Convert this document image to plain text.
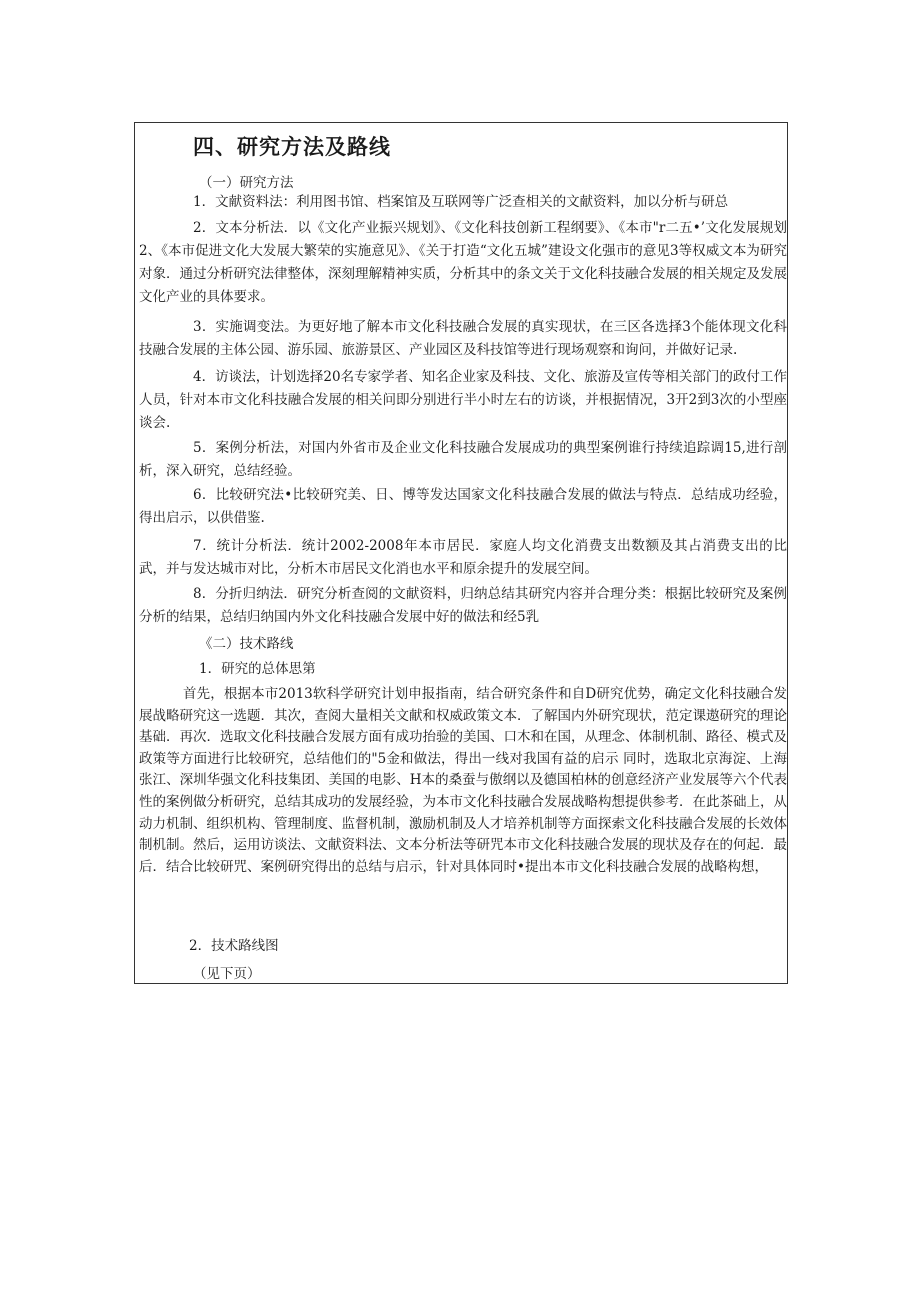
四、研究方法及路线
（一）研究方法
1．文献资料法：利用图书馆、档案馆及互联网等广泛查相关的文献资料，加以分析与研总
2．文本分析法．以《文化产业振兴规划》、《文化科技创新工程纲要》、《本市"r二五•’文化发展规划2、《本市促进文化大发展大繁荣的实施意见》、《关于打造“文化五城”建设文化强市的意见3等权威文本为研究对象．通过分析研究法律整体，深刻理解精神实质，分析其中的条文关于文化科技融合发展的相关规定及发展文化产业的具体要求。
3．实施调变法。为更好地了解本市文化科技融合发展的真实现状，在三区各选择3个能体现文化科技融合发展的主体公园、游乐园、旅游景区、产业园区及科技馆等进行现场观察和询问，并做好记录.
4．访谈法，计划选择20名专家学者、知名企业家及科技、文化、旅游及宣传等相关部门的政付工作人员，针对本市文化科技融合发展的相关问即分别进行半小时左右的访谈，并根据情况，3开2到3次的小型座谈会.
5．案例分析法，对国内外省市及企业文化科技融合发展成功的典型案例谁行持续追踪调15,进行剖析，深入研究，总结经验。
6．比较研究法•比较研究美、日、博等发达国家文化科技融合发展的做法与特点．总结成功经验，得出启示，以供借鉴.
7．统计分析法．统计2002-2008年本市居民．家庭人均文化消费支出数额及其占消费支出的比武，并与发达城市对比，分析木市居民文化消也水平和原余提升的发展空间。
8．分折归纳法．研究分析查阅的文献资料，归纳总结其研究内容并合理分类：根据比较研究及案例分析的结果，总结归纳国内外文化科技融合发展中好的做法和经5乳
《二）技术路线
1．研究的总体思第
首先，根据本市2013软科学研究计划申报指南，结合研究条件和自D研究优势，确定文化科技融合发展战略研究这一选题．其次，查阅大量相关文献和权威政策文本．了解国内外研究现状，范定课遨研究的理论基础．再次．选取文化科技融合发展方面有成功抬验的美国、口木和在国，从理念、体制机制、路径、模式及政策等方面进行比较研究，总结他们的"5金和做法，得出一线对我国有益的启示 同时，选取北京海淀、上海张江、深圳华强文化科技集团、美国的电影、H本的桑蚕与傲纲以及德国柏林的创意经济产业发展等六个代表性的案例做分析研究，总结其成功的发展经验，为本市文化科技融合发展战略构想提供参考．在此茶础上，从动力机制、组织机构、管理制度、监督机制，激励机制及人才培养机制等方面探索文化科技融合发展的长效体制机制。然后，运用访谈法、文献资料法、文本分析法等研咒本市文化科技融合发展的现状及存在的何起．最后．结合比较研咒、案例研究得出的总结与启示，针对具体同时•提出本市文化科技融合发展的战略构想，
2．技术路线图
（见下页）
